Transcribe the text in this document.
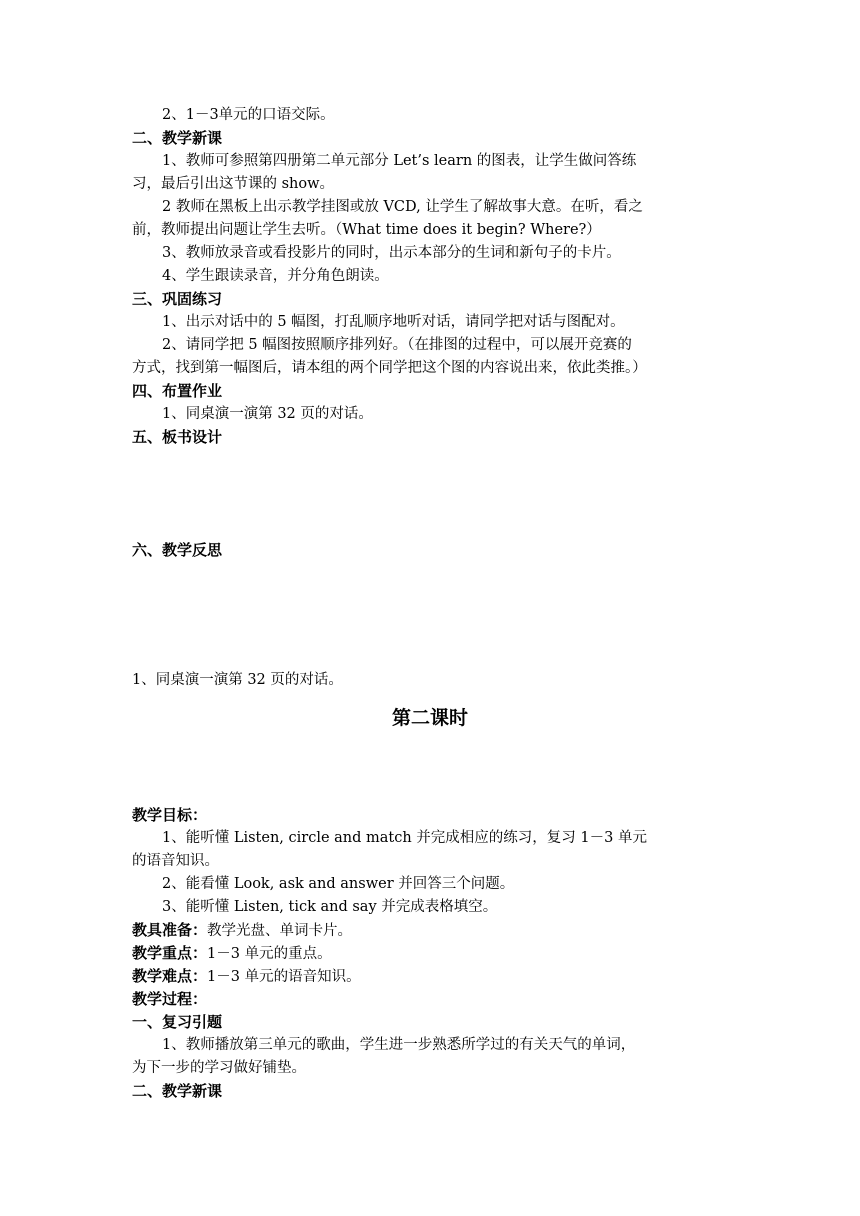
2、1－3单元的口语交际。
二、教学新课
1、教师可参照第四册第二单元部分 Let’s learn 的图表，让学生做问答练
习，最后引出这节课的 show。
2 教师在黑板上出示教学挂图或放 VCD, 让学生了解故事大意。在听，看之
前，教师提出问题让学生去听。（What time does it begin? Where?）
3、教师放录音或看投影片的同时，出示本部分的生词和新句子的卡片。
4、学生跟读录音，并分角色朗读。
三、巩固练习
1、出示对话中的 5 幅图，打乱顺序地听对话，请同学把对话与图配对。
2、请同学把 5 幅图按照顺序排列好。（在排图的过程中，可以展开竞赛的
方式，找到第一幅图后，请本组的两个同学把这个图的内容说出来，依此类推。）
四、布置作业
1、同桌演一演第 32 页的对话。
五、板书设计
六、教学反思
1、同桌演一演第 32 页的对话。
第二课时
教学目标：
1、能听懂 Listen, circle and match 并完成相应的练习，复习 1－3 单元
的语音知识。
2、能看懂 Look, ask and answer 并回答三个问题。
3、能听懂 Listen, tick and say 并完成表格填空。
教具准备：教学光盘、单词卡片。
教学重点：1－3 单元的重点。
教学难点：1－3 单元的语音知识。
教学过程：
一、复习引题
1、教师播放第三单元的歌曲，学生进一步熟悉所学过的有关天气的单词，
为下一步的学习做好铺垫。
二、教学新课
